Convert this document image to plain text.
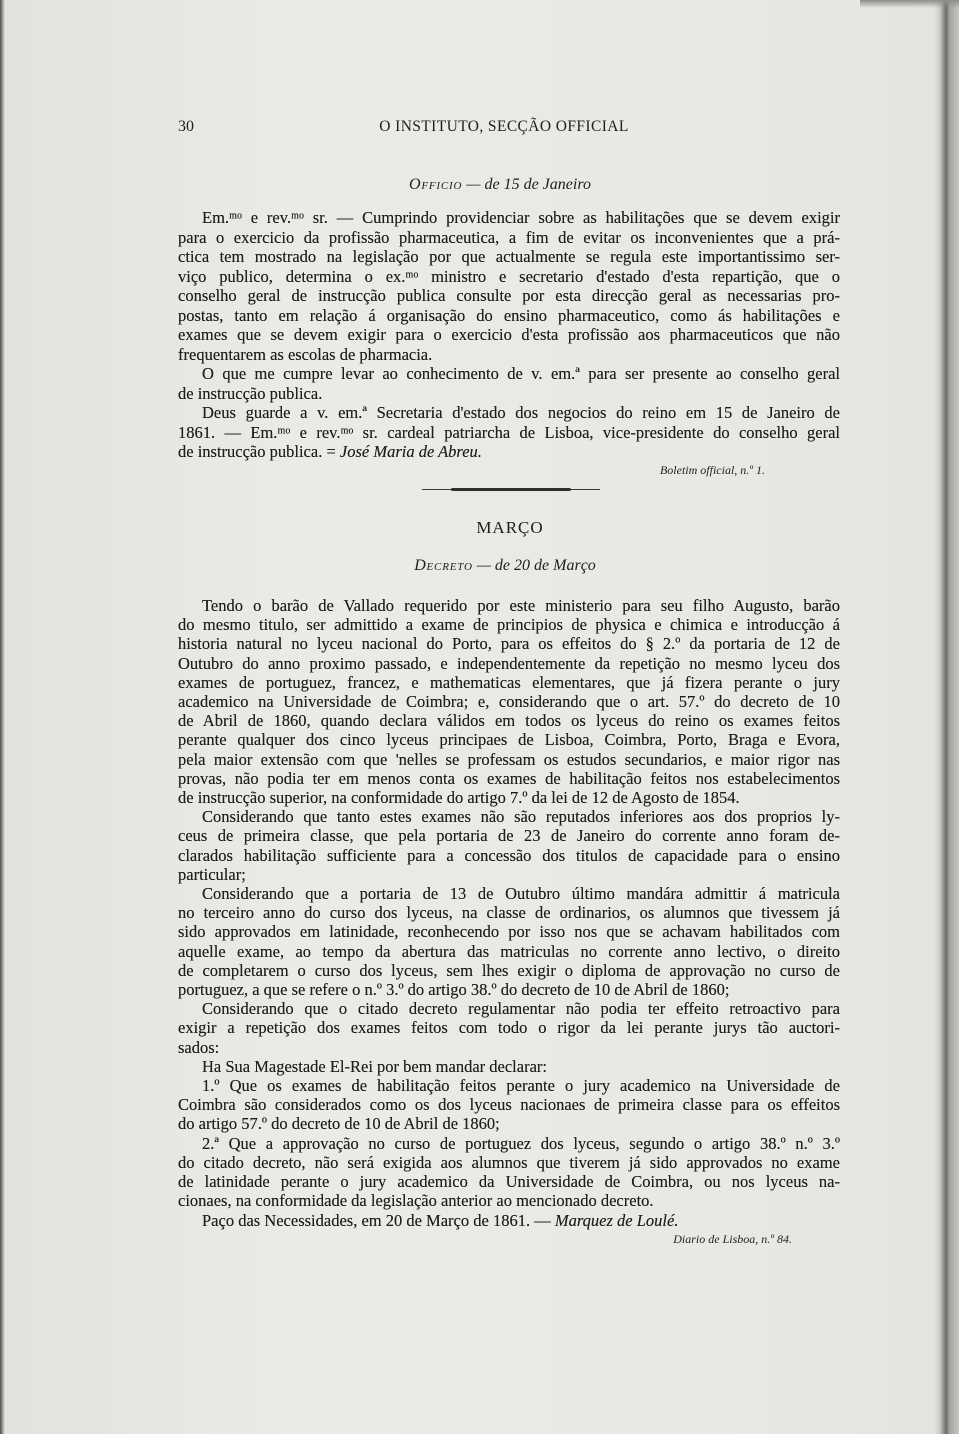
30	O INSTITUTO, SECÇÃO OFFICIAL
Officio — de 15 de Janeiro
Em.ᵐᵒ e rev.ᵐᵒ sr. — Cumprindo providenciar sobre as habilitações que se devem exigir
para o exercicio da profissão pharmaceutica, a fim de evitar os inconvenientes que a prá-
ctica tem mostrado na legislação por que actualmente se regula este importantissimo ser-
viço publico, determina o ex.ᵐᵒ ministro e secretario d'estado d'esta repartição, que o
conselho geral de instrucção publica consulte por esta direcção geral as necessarias pro-
postas, tanto em relação á organisação do ensino pharmaceutico, como ás habilitações e
exames que se devem exigir para o exercicio d'esta profissão aos pharmaceuticos que não
frequentarem as escolas de pharmacia.
O que me cumpre levar ao conhecimento de v. em.ª para ser presente ao conselho geral
de instrucção publica.
Deus guarde a v. em.ª Secretaria d'estado dos negocios do reino em 15 de Janeiro de
1861. — Em.ᵐᵒ e rev.ᵐᵒ sr. cardeal patriarcha de Lisboa, vice-presidente do conselho geral
de instrucção publica. = José Maria de Abreu.
Boletim official, n.º 1.
MARÇO
Decreto — de 20 de Março
Tendo o barão de Vallado requerido por este ministerio para seu filho Augusto, barão
do mesmo titulo, ser admittido a exame de principios de physica e chimica e introducção á
historia natural no lyceu nacional do Porto, para os effeitos do § 2.º da portaria de 12 de
Outubro do anno proximo passado, e independentemente da repetição no mesmo lyceu dos
exames de portuguez, francez, e mathematicas elementares, que já fizera perante o jury
academico na Universidade de Coimbra; e, considerando que o art. 57.º do decreto de 10
de Abril de 1860, quando declara válidos em todos os lyceus do reino os exames feitos
perante qualquer dos cinco lyceus principaes de Lisboa, Coimbra, Porto, Braga e Evora,
pela maior extensão com que 'nelles se professam os estudos secundarios, e maior rigor nas
provas, não podia ter em menos conta os exames de habilitação feitos nos estabelecimentos
de instrucção superior, na conformidade do artigo 7.º da lei de 12 de Agosto de 1854.
Considerando que tanto estes exames não são reputados inferiores aos dos proprios ly-
ceus de primeira classe, que pela portaria de 23 de Janeiro do corrente anno foram de-
clarados habilitação sufficiente para a concessão dos titulos de capacidade para o ensino
particular;
Considerando que a portaria de 13 de Outubro último mandára admittir á matricula
no terceiro anno do curso dos lyceus, na classe de ordinarios, os alumnos que tivessem já
sido approvados em latinidade, reconhecendo por isso nos que se achavam habilitados com
aquelle exame, ao tempo da abertura das matriculas no corrente anno lectivo, o direito
de completarem o curso dos lyceus, sem lhes exigir o diploma de approvação no curso de
portuguez, a que se refere o n.º 3.º do artigo 38.º do decreto de 10 de Abril de 1860;
Considerando que o citado decreto regulamentar não podia ter effeito retroactivo para
exigir a repetição dos exames feitos com todo o rigor da lei perante jurys tão auctori-
sados:
Ha Sua Magestade El-Rei por bem mandar declarar:
1.º Que os exames de habilitação feitos perante o jury academico na Universidade de
Coimbra são considerados como os dos lyceus nacionaes de primeira classe para os effeitos
do artigo 57.º do decreto de 10 de Abril de 1860;
2.ª Que a approvação no curso de portuguez dos lyceus, segundo o artigo 38.º n.º 3.º
do citado decreto, não será exigida aos alumnos que tiverem já sido approvados no exame
de latinidade perante o jury academico da Universidade de Coimbra, ou nos lyceus na-
cionaes, na conformidade da legislação anterior ao mencionado decreto.
Paço das Necessidades, em 20 de Março de 1861. — Marquez de Loulé.
Diario de Lisboa, n.º 84.
